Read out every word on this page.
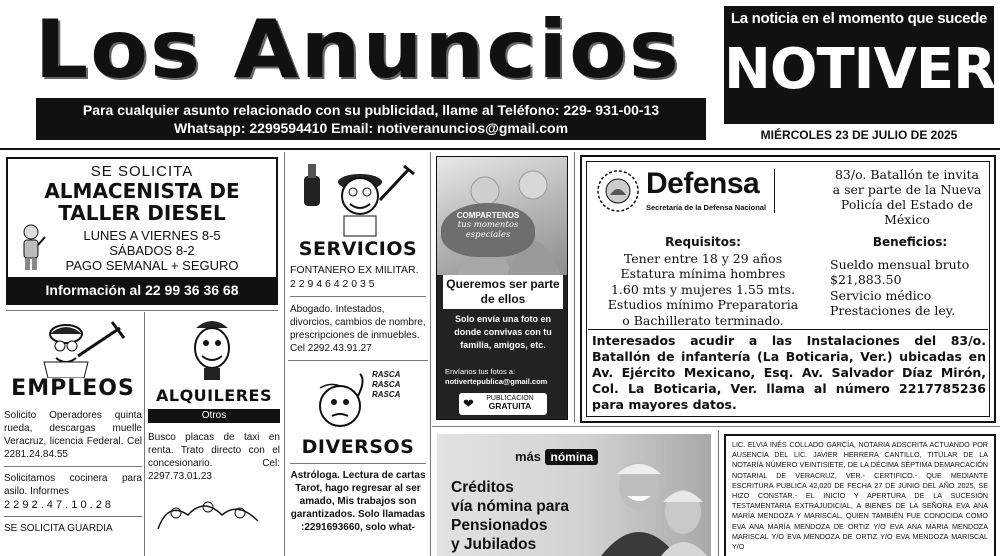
Los Anuncios

Para cualquier asunto relacionado con su publicidad, llame al Teléfono: 229- 931-00-13

Whatsapp: 2299594410 Email: notiveranuncios@gmail.com

La noticia en el momento que sucede

NOTIVER

MIÉRCOLES 23 DE JULIO DE 2025

SE SOLICITA

ALMACENISTA DE

TALLER DIESEL

LUNES A VIERNES 8-5

SÁBADOS 8-2

PAGO SEMANAL + SEGURO

Información al 22 99 36 36 68

EMPLEOS

Solicito Operadores quinta rueda, descargas muelle Veracruz, licencia Federal. Cel 2281.24.84.55

Solicitamos cocinera para asilo. Informes

2 2 9 2 . 4 7 . 1 0 . 2 8

SE SOLICITA GUARDIA

ALQUILERES

Otros

Busco placas de taxi en renta. Trato directo con el concesionario. Cel: 2297.73.01.23

SERVICIOS

FONTANERO EX MILITAR.

2 2 9 4 6 4 2 0 3 5

Abogado. Intestados, divorcios, cambios de nombre, prescripciones de inmuebles. Cel 2292.43.91.27

RASCA RASCA RASCA

DIVERSOS

Astróloga. Lectura de cartas Tarot, hago regresar al ser amado, Mis trabajos son garantizados. Solo llamadas :2291693660, solo what-

COMPARTENOS

tus momentos especiales

Queremos ser parte de ellos

Solo envía una foto en donde convivas con tu familia, amigos, etc.

Envíanos tus fotos a:

notivertepublica@gmail.com

❤	PUBLICACIÓN

GRATUITA

Defensa

Secretaría de la Defensa Nacional

83/o. Batallón te invita a ser parte de la Nueva Policía del Estado de México

Requisitos:

Tener entre 18 y 29 años

Estatura mínima hombres

1.60 mts y mujeres 1.55 mts.

Estudios mínimo Preparatoria

o Bachillerato terminado.

Beneficios:

Sueldo mensual bruto

$21,883.50

Servicio médico

Prestaciones de ley.

Interesados acudir a las Instalaciones del 83/o. Batallón de infantería (La Boticaria, Ver.) ubicadas en Av. Ejército Mexicano, Esq. Av. Salvador Díaz Mirón, Col. La Boticaria, Ver. llama al número 2217785236 para mayores datos.

más nómina

Créditos

vía nómina para

Pensionados

y Jubilados

LIC. ELVIA INÉS COLLADO GARCÍA, NOTARIA ADSCRITA ACTUANDO POR AUSENCIA DEL LIC. JAVIER HERRERA CANTILLO, TITULAR DE LA NOTARÍA NÚMERO VEINTISIETE, DE LA DÉCIMA SÉPTIMA DEMARCACIÓN NOTARIAL DE VERACRUZ, VER.- CERTIFICO.- QUE MEDIANTE ESCRITURA PUBLICA 42,020 DE FECHA 27 DE JUNIO DEL AÑO 2025, SE HIZO CONSTAR.- EL INICIO Y APERTURA DE LA SUCESIÓN TESTAMENTARIA EXTRAJUDICIAL, A BIENES DE LA SEÑORA EVA ANA MARÍA MENDOZA Y MARISCAL, QUIEN TAMBIÉN FUE CONOCIDA COMO EVA ANA MARÍA MENDOZA DE ORTIZ Y/O EVA ANA MARIA MENDOZA MARISCAL Y/O EVA MENDOZA DE ORTIZ Y/O EVA MENDOZA MARISCAL Y/O
